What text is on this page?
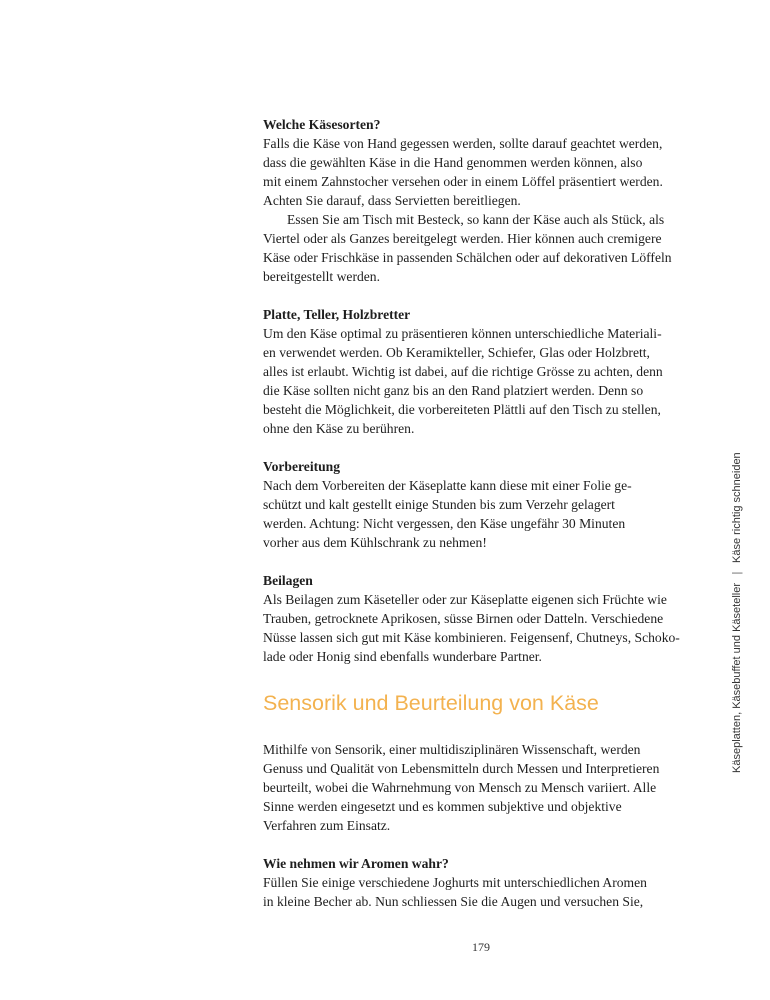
Welche Käsesorten?

Falls die Käse von Hand gegessen werden, sollte darauf geachtet werden,
dass die gewählten Käse in die Hand genommen werden können, also
mit einem Zahnstocher versehen oder in einem Löffel präsentiert werden.
Achten Sie darauf, dass Servietten bereitliegen.

Essen Sie am Tisch mit Besteck, so kann der Käse auch als Stück, als
Viertel oder als Ganzes bereitgelegt werden. Hier können auch cremigere
Käse oder Frischkäse in passenden Schälchen oder auf dekorativen Löffeln
bereitgestellt werden.

Platte, Teller, Holzbretter

Um den Käse optimal zu präsentieren können unterschiedliche Materiali-
en verwendet werden. Ob Keramikteller, Schiefer, Glas oder Holzbrett,
alles ist erlaubt. Wichtig ist dabei, auf die richtige Grösse zu achten, denn
die Käse sollten nicht ganz bis an den Rand platziert werden. Denn so
besteht die Möglichkeit, die vorbereiteten Plättli auf den Tisch zu stellen,
ohne den Käse zu berühren.

Vorbereitung

Nach dem Vorbereiten der Käseplatte kann diese mit einer Folie ge-
schützt und kalt gestellt einige Stunden bis zum Verzehr gelagert
werden. Achtung: Nicht vergessen, den Käse ungefähr 30 Minuten
vorher aus dem Kühlschrank zu nehmen!

Beilagen

Als Beilagen zum Käseteller oder zur Käseplatte eigenen sich Früchte wie
Trauben, getrocknete Aprikosen, süsse Birnen oder Datteln. Verschiedene
Nüsse lassen sich gut mit Käse kombinieren. Feigensenf, Chutneys, Schoko-
lade oder Honig sind ebenfalls wunderbare Partner.

Sensorik und Beurteilung von Käse

Mithilfe von Sensorik, einer multidisziplinären Wissenschaft, werden
Genuss und Qualität von Lebensmitteln durch Messen und Interpretieren
beurteilt, wobei die Wahrnehmung von Mensch zu Mensch variiert. Alle
Sinne werden eingesetzt und es kommen subjektive und objektive
Verfahren zum Einsatz.

Wie nehmen wir Aromen wahr?

Füllen Sie einige verschiedene Joghurts mit unterschiedlichen Aromen
in kleine Becher ab. Nun schliessen Sie die Augen und versuchen Sie,

179
Käseplatten, Käsebuffet und Käseteller|Käse richtig schneiden
